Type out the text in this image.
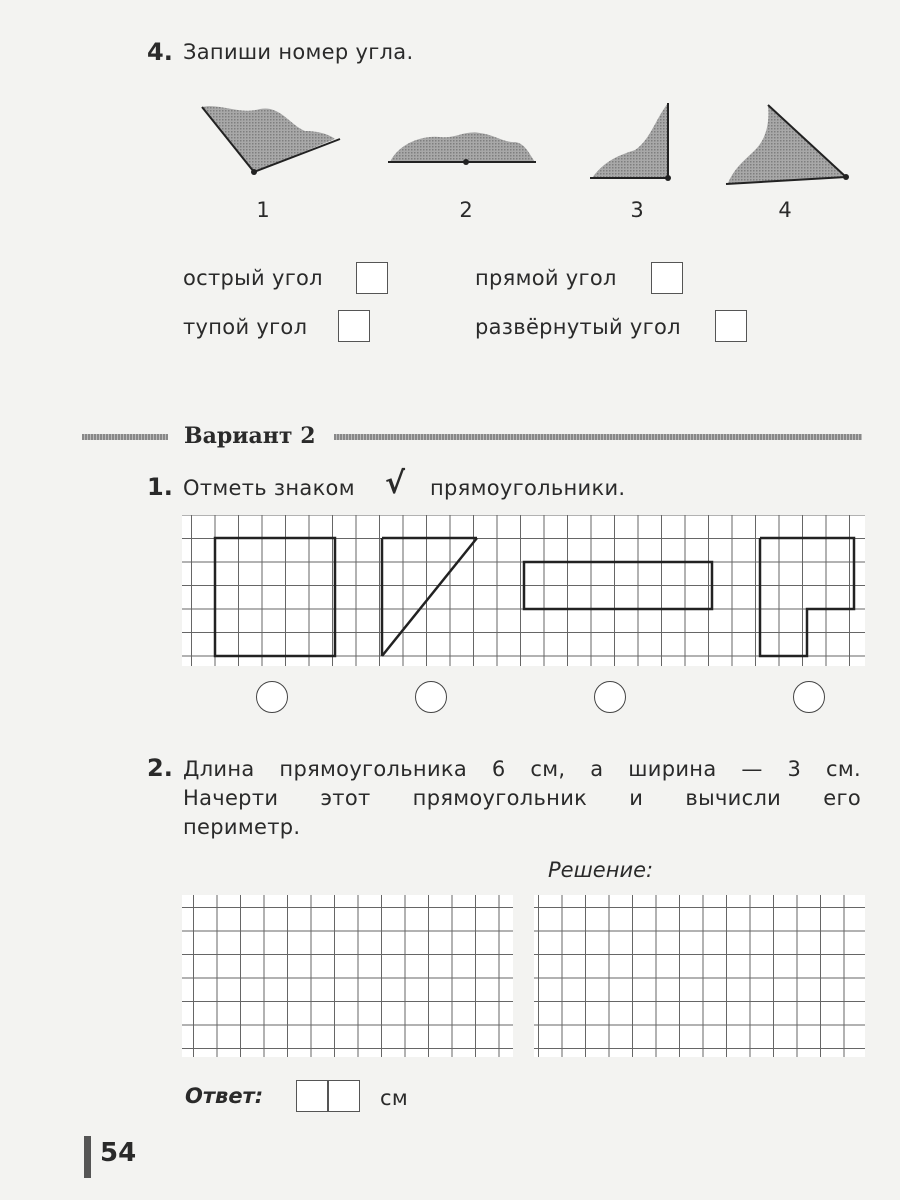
4. Запиши номер угла.
1	2	3	4
острый угол	прямой угол
тупой угол	развёрнутый угол
Вариант 2
1. Отметь знаком √ прямоугольники.
2. Длина прямоугольника 6 см, а ширина — 3 см.
Начерти этот прямоугольник и вычисли его
периметр.
Решение:
Ответ:	см
54
